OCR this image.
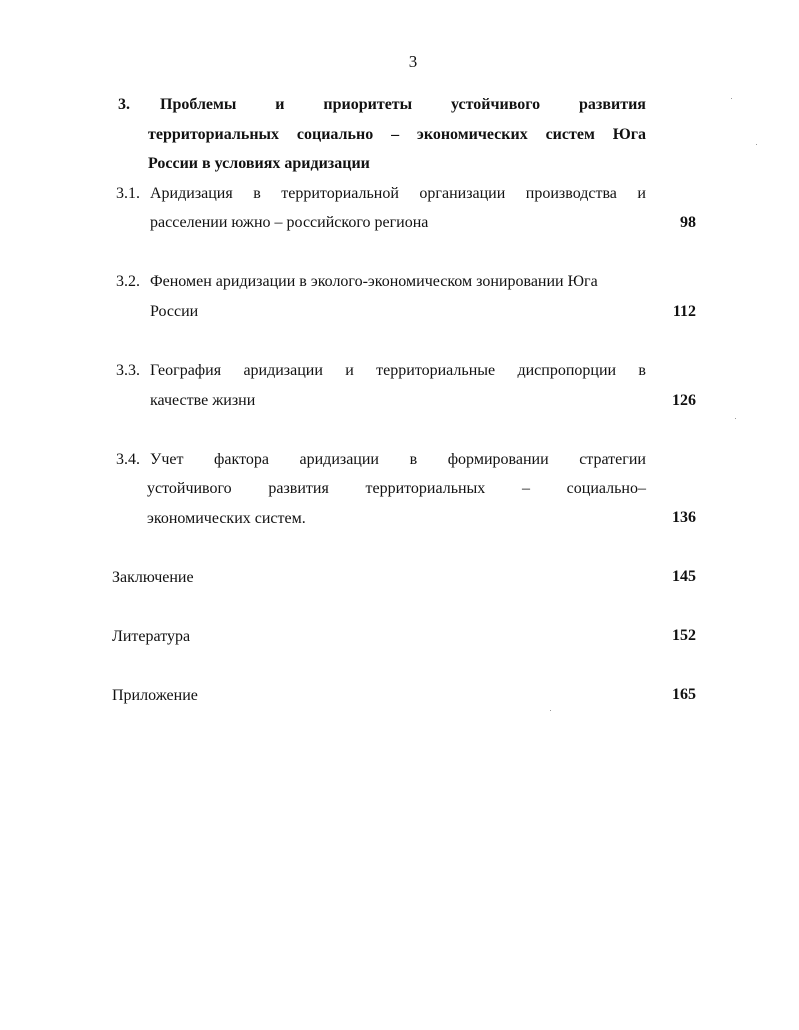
3
3. Проблемы и приоритеты устойчивого развития
территориальных социально – экономических систем Юга
России в условиях аридизации
3.1. Аридизация в территориальной организации производства и
расселении южно – российского региона	98
3.2. Феномен аридизации в эколого-экономическом зонировании Юга
России	112
3.3. География аридизации и территориальные диспропорции в
качестве жизни	126
3.4. Учет фактора аридизации в формировании стратегии
устойчивого развития территориальных – социально–
экономических систем.	136
Заключение	145
Литература	152
Приложение	165
